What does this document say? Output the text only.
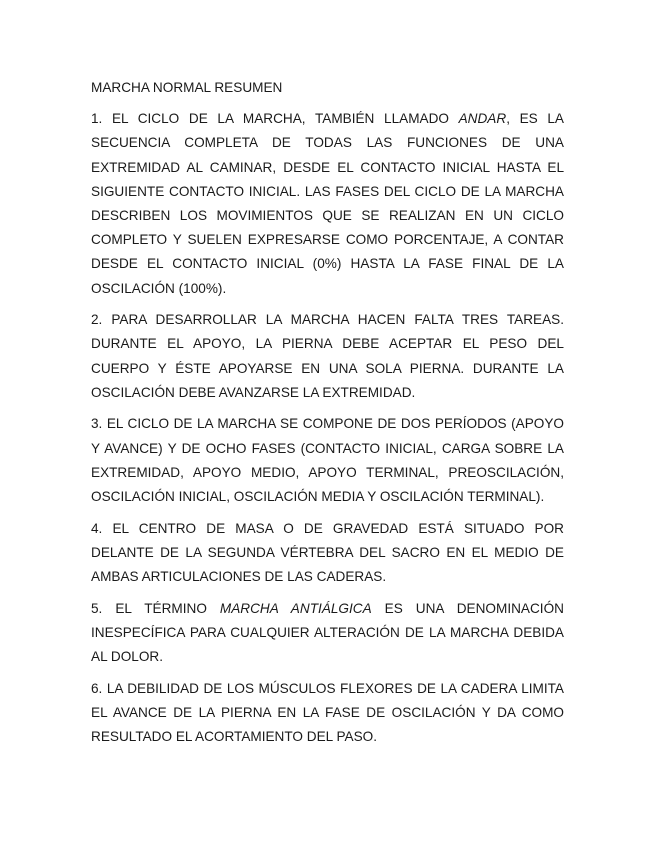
MARCHA NORMAL RESUMEN

1. EL CICLO DE LA MARCHA, TAMBIÉN LLAMADO ANDAR, ES LA SECUENCIA COMPLETA DE TODAS LAS FUNCIONES DE UNA EXTREMIDAD AL CAMINAR, DESDE EL CONTACTO INICIAL HASTA EL SIGUIENTE CONTACTO INICIAL. LAS FASES DEL CICLO DE LA MARCHA DESCRIBEN LOS MOVIMIENTOS QUE SE REALIZAN EN UN CICLO COMPLETO Y SUELEN EXPRESARSE COMO PORCENTAJE, A CONTAR DESDE EL CONTACTO INICIAL (0%) HASTA LA FASE FINAL DE LA OSCILACIÓN (100%).

2. PARA DESARROLLAR LA MARCHA HACEN FALTA TRES TAREAS. DURANTE EL APOYO, LA PIERNA DEBE ACEPTAR EL PESO DEL CUERPO Y ÉSTE APOYARSE EN UNA SOLA PIERNA. DURANTE LA OSCILACIÓN DEBE AVANZARSE LA EXTREMIDAD.

3. EL CICLO DE LA MARCHA SE COMPONE DE DOS PERÍODOS (APOYO Y AVANCE) Y DE OCHO FASES (CONTACTO INICIAL, CARGA SOBRE LA EXTREMIDAD, APOYO MEDIO, APOYO TERMINAL, PREOSCILACIÓN, OSCILACIÓN INICIAL, OSCILACIÓN MEDIA Y OSCILACIÓN TERMINAL).

4. EL CENTRO DE MASA O DE GRAVEDAD ESTÁ SITUADO POR DELANTE DE LA SEGUNDA VÉRTEBRA DEL SACRO EN EL MEDIO DE AMBAS ARTICULACIONES DE LAS CADERAS.

5. EL TÉRMINO MARCHA ANTIÁLGICA ES UNA DENOMINACIÓN INESPECÍFICA PARA CUALQUIER ALTERACIÓN DE LA MARCHA DEBIDA AL DOLOR.

6. LA DEBILIDAD DE LOS MÚSCULOS FLEXORES DE LA CADERA LIMITA EL AVANCE DE LA PIERNA EN LA FASE DE OSCILACIÓN Y DA COMO RESULTADO EL ACORTAMIENTO DEL PASO.
